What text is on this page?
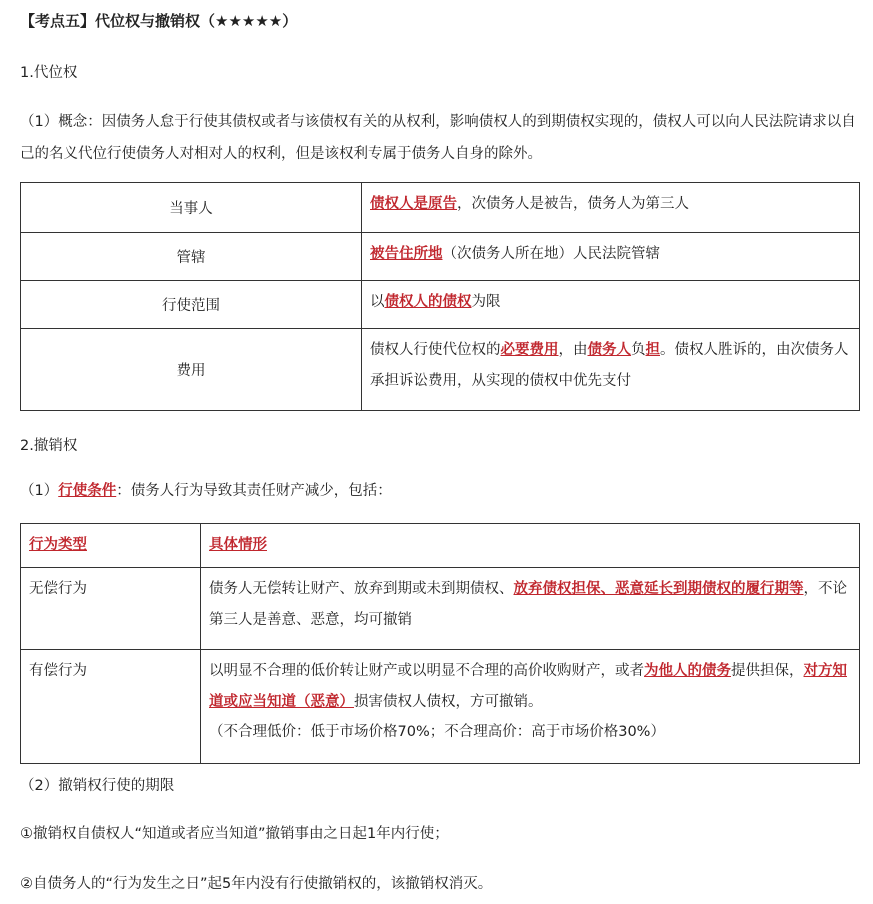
【考点五】代位权与撤销权（★★★★★）
1.代位权
（1）概念：因债务人怠于行使其债权或者与该债权有关的从权利，影响债权人的到期债权实现的，债权人可以向人民法院请求以自己的名义代位行使债务人对相对人的权利，但是该权利专属于债务人自身的除外。
当事人	债权人是原告，次债务人是被告，债务人为第三人
管辖	被告住所地（次债务人所在地）人民法院管辖
行使范围	以债权人的债权为限
费用	债权人行使代位权的必要费用，由债务人负担。债权人胜诉的，由次债务人承担诉讼费用，从实现的债权中优先支付
2.撤销权
（1）行使条件：债务人行为导致其责任财产减少，包括：
行为类型	具体情形
无偿行为	债务人无偿转让财产、放弃到期或未到期债权、放弃债权担保、恶意延长到期债权的履行期等，不论第三人是善意、恶意，均可撤销
有偿行为	以明显不合理的低价转让财产或以明显不合理的高价收购财产，或者为他人的债务提供担保，对方知道或应当知道（恶意）损害债权人债权，方可撤销。
（不合理低价：低于市场价格70%；不合理高价：高于市场价格30%）
（2）撤销权行使的期限
①撤销权自债权人“知道或者应当知道”撤销事由之日起1年内行使；
②自债务人的“行为发生之日”起5年内没有行使撤销权的，该撤销权消灭。
